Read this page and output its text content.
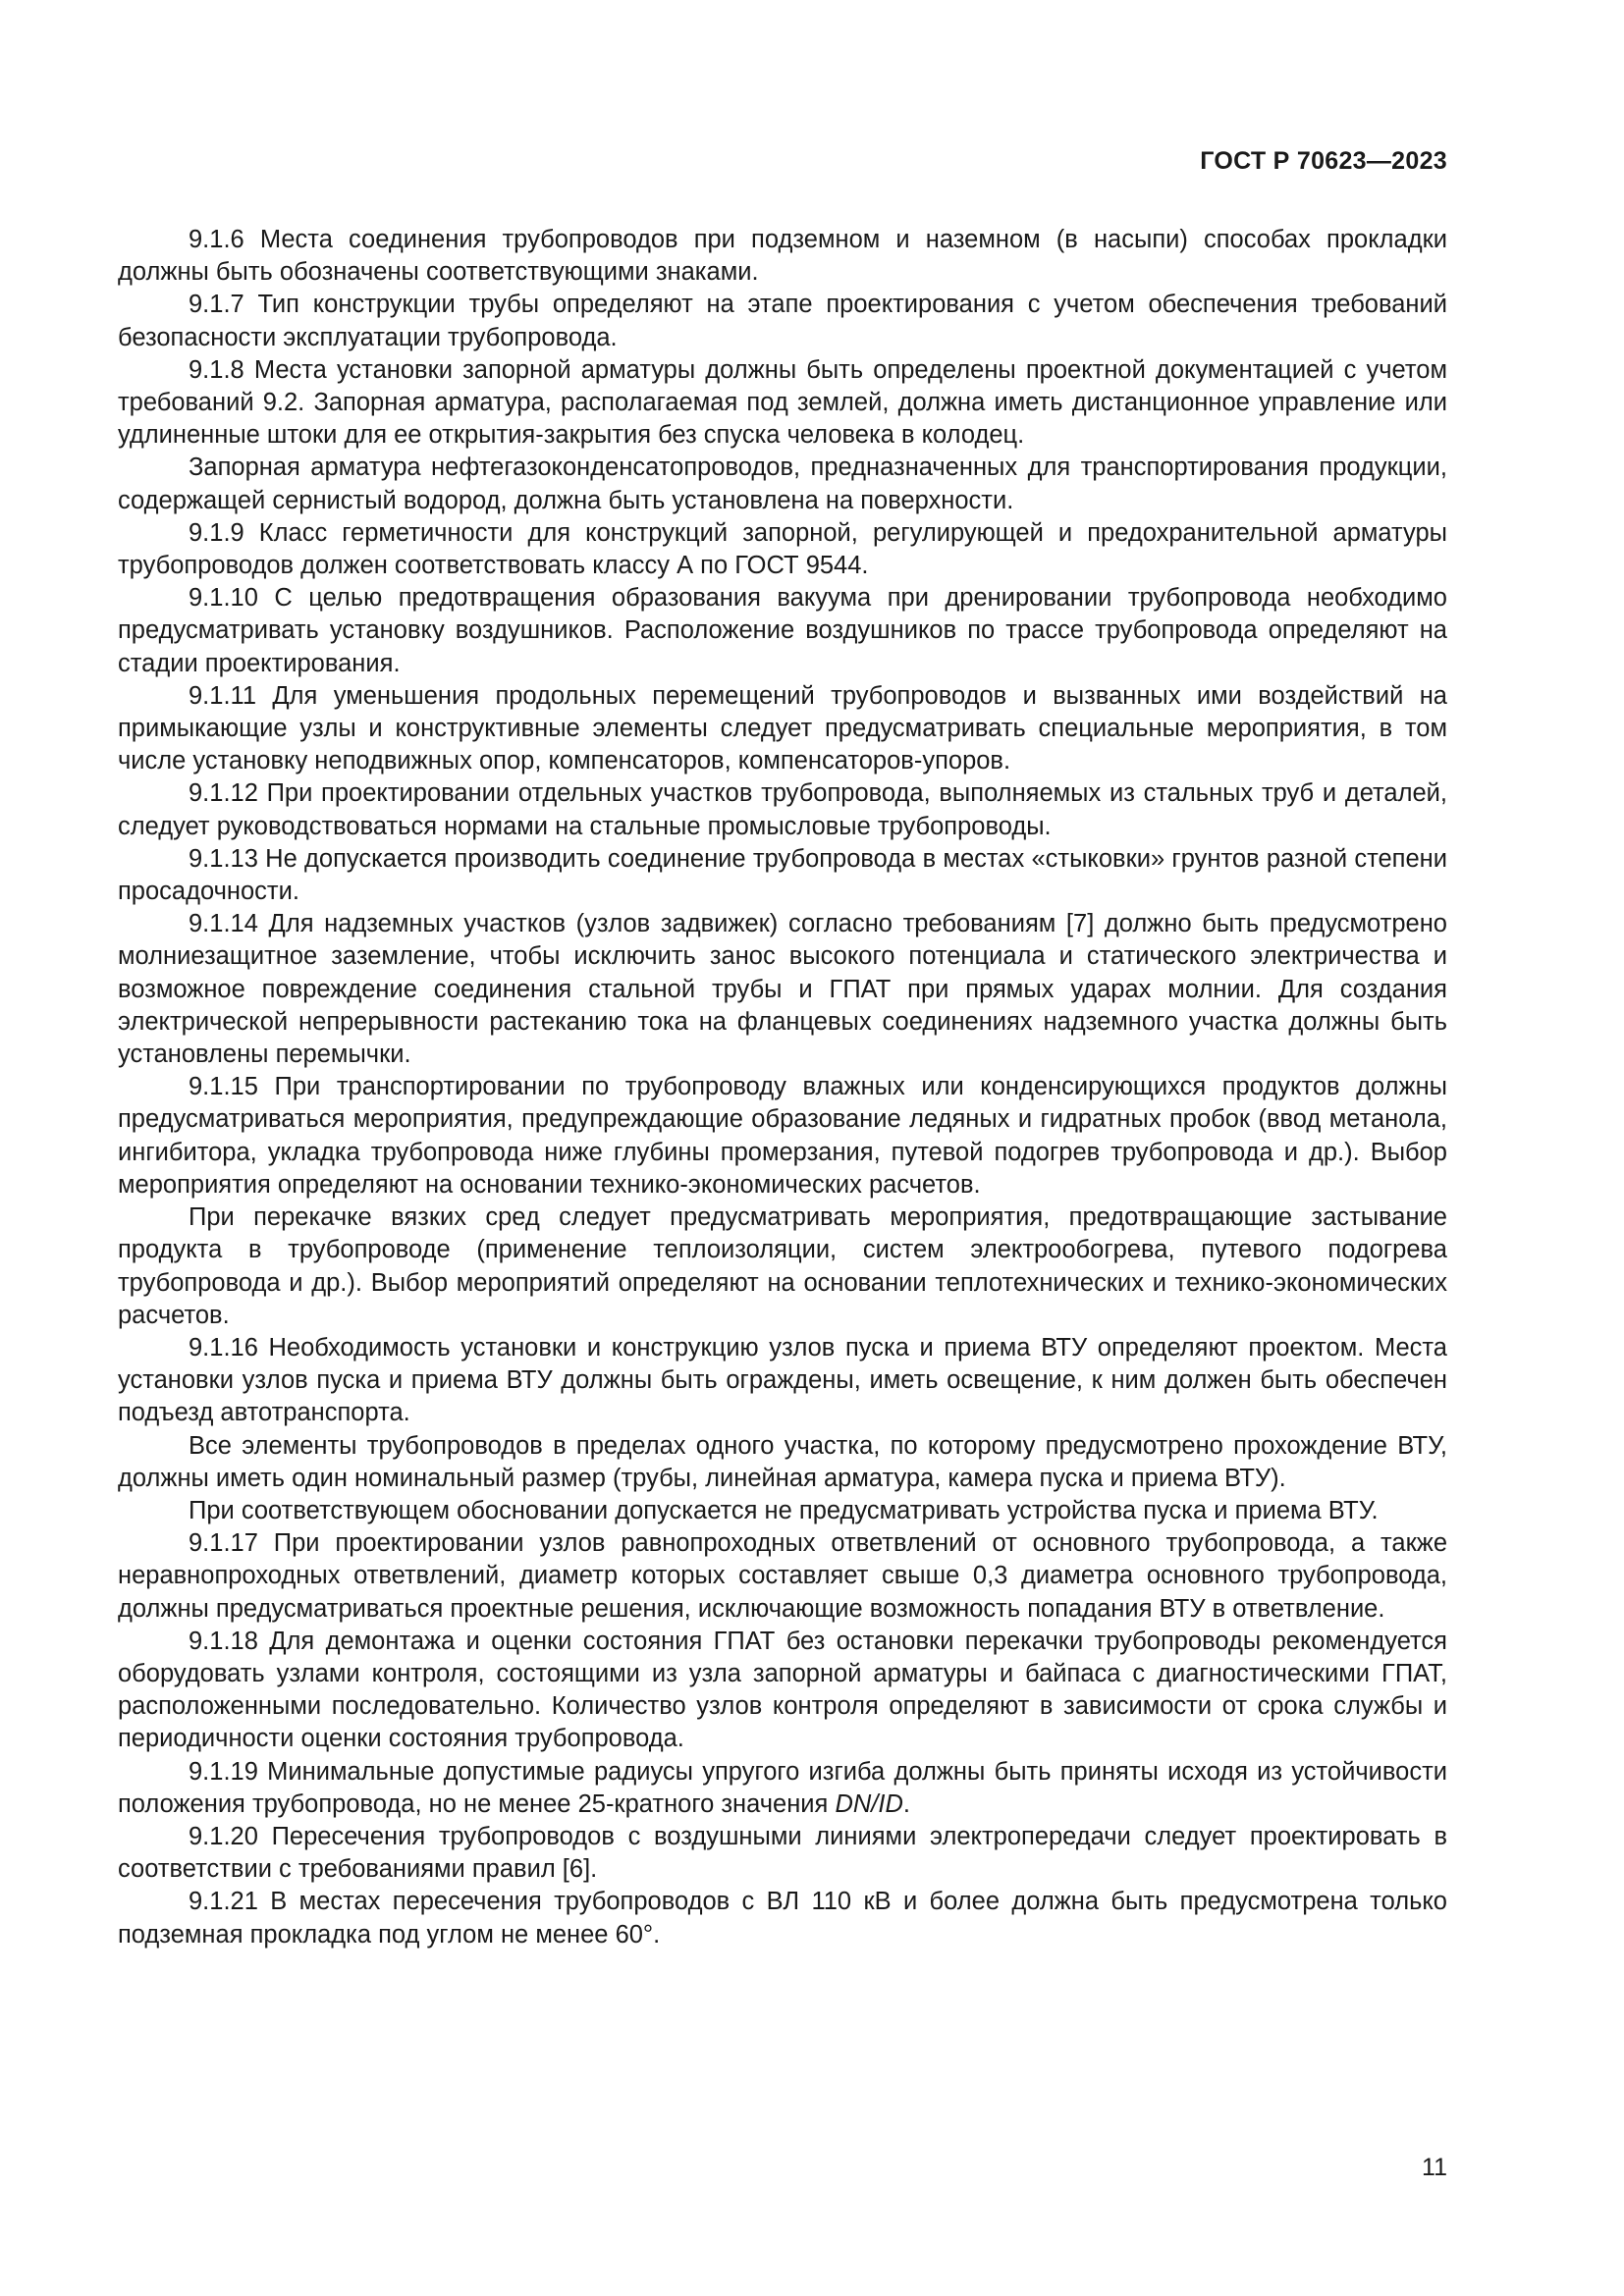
ГОСТ Р 70623—2023

9.1.6 Места соединения трубопроводов при подземном и наземном (в насыпи) способах прокладки должны быть обозначены соответствующими знаками.

9.1.7 Тип конструкции трубы определяют на этапе проектирования с учетом обеспечения требований безопасности эксплуатации трубопровода.

9.1.8 Места установки запорной арматуры должны быть определены проектной документацией с учетом требований 9.2. Запорная арматура, располагаемая под землей, должна иметь дистанционное управление или удлиненные штоки для ее открытия-закрытия без спуска человека в колодец.

Запорная арматура нефтегазоконденсатопроводов, предназначенных для транспортирования продукции, содержащей сернистый водород, должна быть установлена на поверхности.

9.1.9 Класс герметичности для конструкций запорной, регулирующей и предохранительной арматуры трубопроводов должен соответствовать классу А по ГОСТ 9544.

9.1.10 С целью предотвращения образования вакуума при дренировании трубопровода необходимо предусматривать установку воздушников. Расположение воздушников по трассе трубопровода определяют на стадии проектирования.

9.1.11 Для уменьшения продольных перемещений трубопроводов и вызванных ими воздействий на примыкающие узлы и конструктивные элементы следует предусматривать специальные мероприятия, в том числе установку неподвижных опор, компенсаторов, компенсаторов-упоров.

9.1.12 При проектировании отдельных участков трубопровода, выполняемых из стальных труб и деталей, следует руководствоваться нормами на стальные промысловые трубопроводы.

9.1.13 Не допускается производить соединение трубопровода в местах «стыковки» грунтов разной степени просадочности.

9.1.14 Для надземных участков (узлов задвижек) согласно требованиям [7] должно быть предусмотрено молниезащитное заземление, чтобы исключить занос высокого потенциала и статического электричества и возможное повреждение соединения стальной трубы и ГПАТ при прямых ударах молнии. Для создания электрической непрерывности растеканию тока на фланцевых соединениях надземного участка должны быть установлены перемычки.

9.1.15 При транспортировании по трубопроводу влажных или конденсирующихся продуктов должны предусматриваться мероприятия, предупреждающие образование ледяных и гидратных пробок (ввод метанола, ингибитора, укладка трубопровода ниже глубины промерзания, путевой подогрев трубопровода и др.). Выбор мероприятия определяют на основании технико-экономических расчетов.

При перекачке вязких сред следует предусматривать мероприятия, предотвращающие застывание продукта в трубопроводе (применение теплоизоляции, систем электрообогрева, путевого подогрева трубопровода и др.). Выбор мероприятий определяют на основании теплотехнических и технико-экономических расчетов.

9.1.16 Необходимость установки и конструкцию узлов пуска и приема ВТУ определяют проектом. Места установки узлов пуска и приема ВТУ должны быть ограждены, иметь освещение, к ним должен быть обеспечен подъезд автотранспорта.

Все элементы трубопроводов в пределах одного участка, по которому предусмотрено прохождение ВТУ, должны иметь один номинальный размер (трубы, линейная арматура, камера пуска и приема ВТУ).

При соответствующем обосновании допускается не предусматривать устройства пуска и приема ВТУ.

9.1.17 При проектировании узлов равнопроходных ответвлений от основного трубопровода, а также неравнопроходных ответвлений, диаметр которых составляет свыше 0,3 диаметра основного трубопровода, должны предусматриваться проектные решения, исключающие возможность попадания ВТУ в ответвление.

9.1.18 Для демонтажа и оценки состояния ГПАТ без остановки перекачки трубопроводы рекомендуется оборудовать узлами контроля, состоящими из узла запорной арматуры и байпаса с диагностическими ГПАТ, расположенными последовательно. Количество узлов контроля определяют в зависимости от срока службы и периодичности оценки состояния трубопровода.

9.1.19 Минимальные допустимые радиусы упругого изгиба должны быть приняты исходя из устойчивости положения трубопровода, но не менее 25-кратного значения DN/ID.

9.1.20 Пересечения трубопроводов с воздушными линиями электропередачи следует проектировать в соответствии с требованиями правил [6].

9.1.21 В местах пересечения трубопроводов с ВЛ 110 кВ и более должна быть предусмотрена только подземная прокладка под углом не менее 60°.

11
